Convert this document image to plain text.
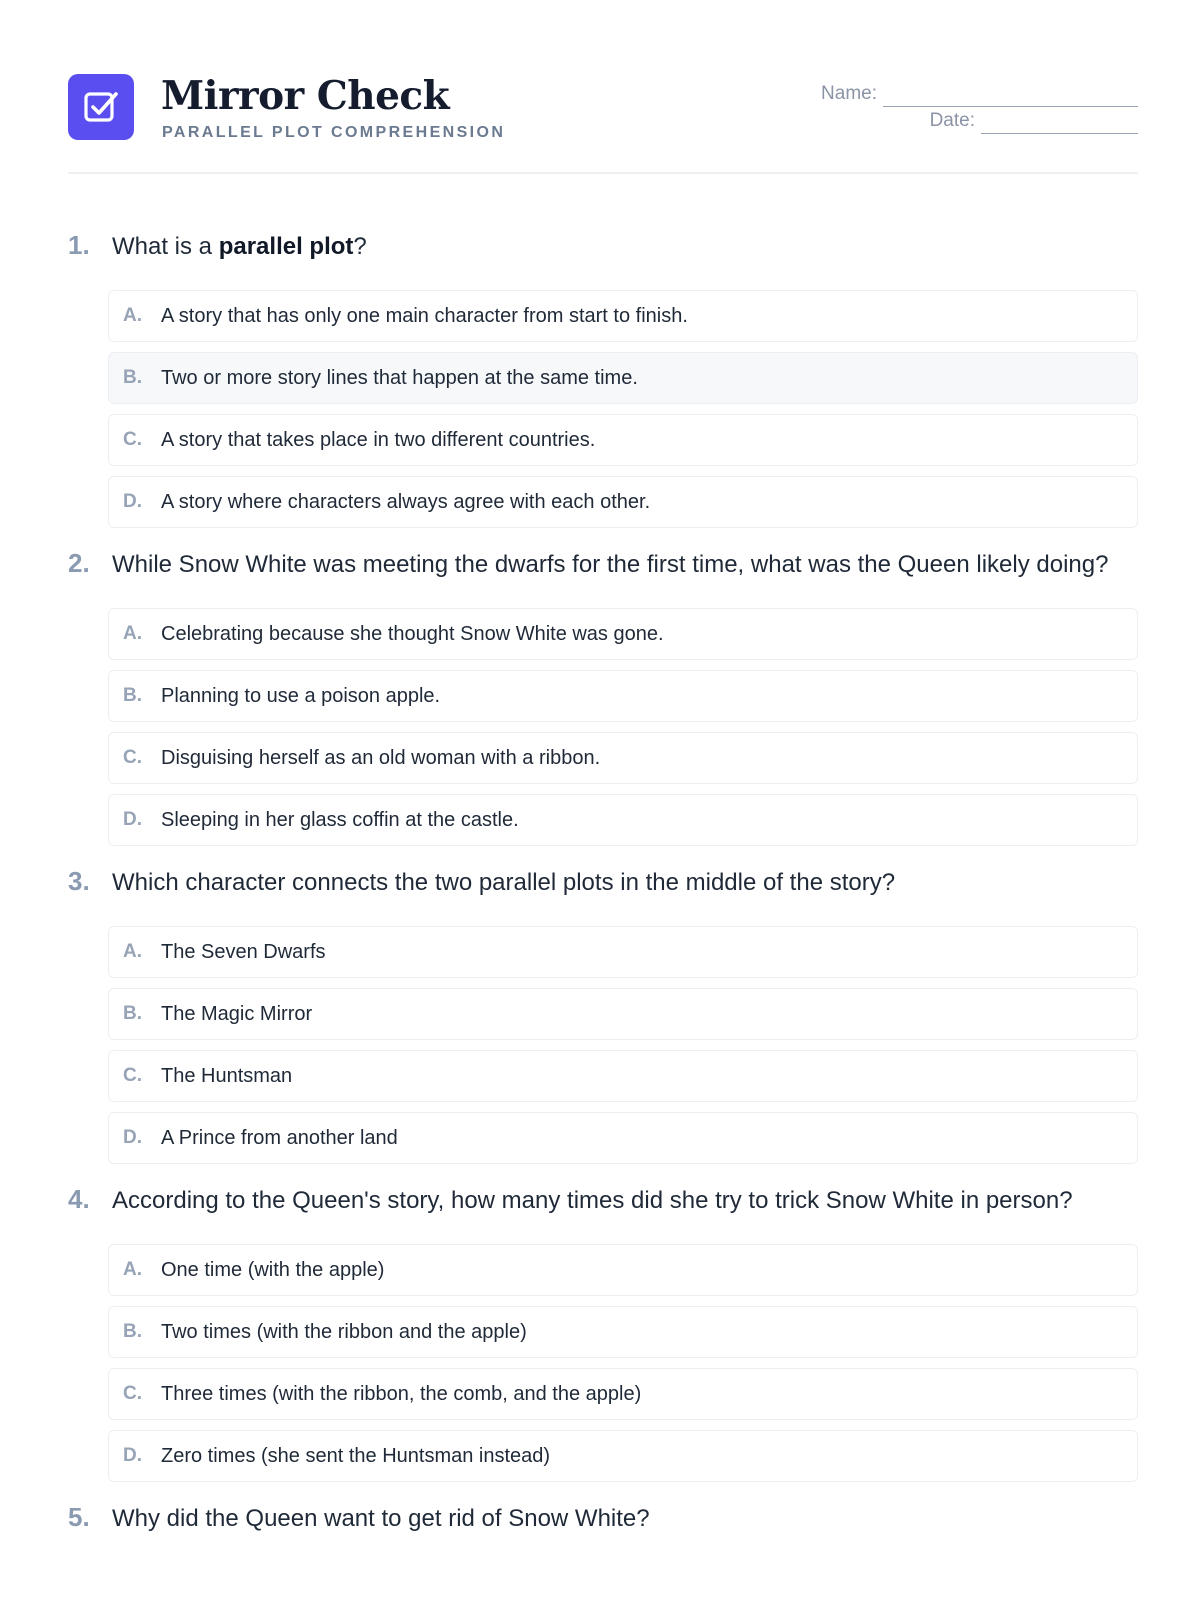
Mirror Check
PARALLEL PLOT COMPREHENSION
Name:
Date:
1. What is a parallel plot?
A. A story that has only one main character from start to finish.
B. Two or more story lines that happen at the same time.
C. A story that takes place in two different countries.
D. A story where characters always agree with each other.
2. While Snow White was meeting the dwarfs for the first time, what was the Queen likely doing?
A. Celebrating because she thought Snow White was gone.
B. Planning to use a poison apple.
C. Disguising herself as an old woman with a ribbon.
D. Sleeping in her glass coffin at the castle.
3. Which character connects the two parallel plots in the middle of the story?
A. The Seven Dwarfs
B. The Magic Mirror
C. The Huntsman
D. A Prince from another land
4. According to the Queen's story, how many times did she try to trick Snow White in person?
A. One time (with the apple)
B. Two times (with the ribbon and the apple)
C. Three times (with the ribbon, the comb, and the apple)
D. Zero times (she sent the Huntsman instead)
5. Why did the Queen want to get rid of Snow White?
